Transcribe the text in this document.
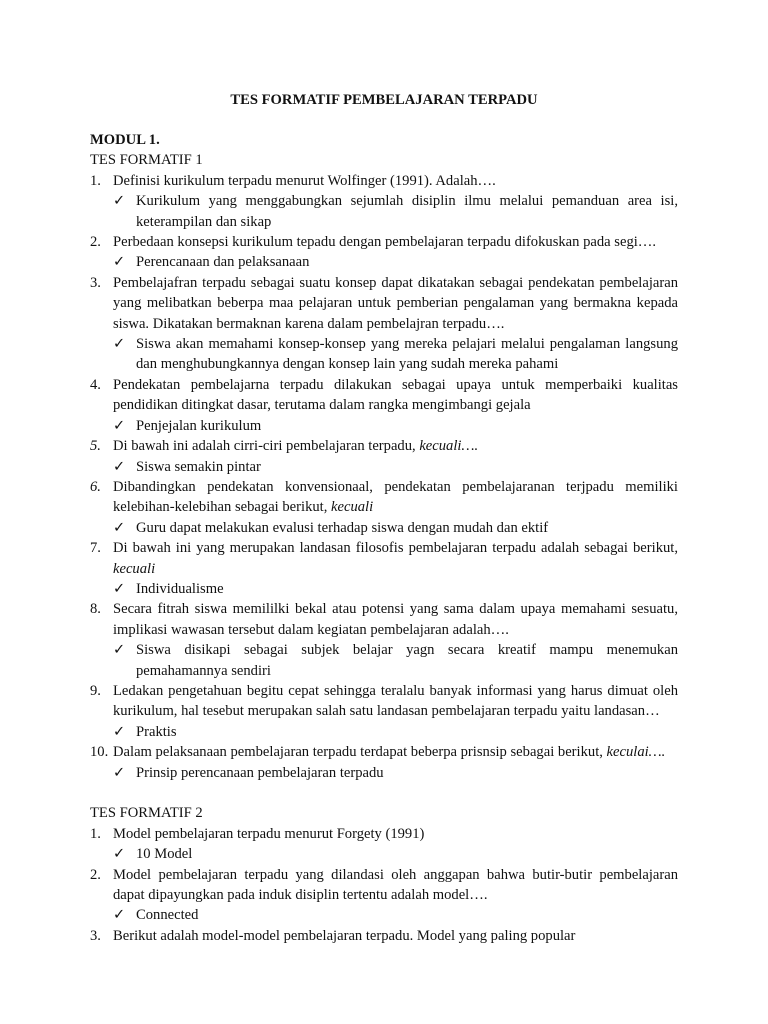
TES FORMATIF PEMBELAJARAN TERPADU
MODUL 1.
TES FORMATIF 1
1. Definisi kurikulum terpadu menurut Wolfinger (1991). Adalah….
✓ Kurikulum yang menggabungkan sejumlah disiplin ilmu melalui pemanduan area isi, keterampilan dan sikap
2. Perbedaan konsepsi kurikulum tepadu dengan pembelajaran terpadu difokuskan pada segi….
✓ Perencanaan dan pelaksanaan
3. Pembelajafran terpadu sebagai suatu konsep dapat dikatakan sebagai pendekatan pembelajaran yang melibatkan beberpa maa pelajaran untuk pemberian pengalaman yang bermakna kepada siswa. Dikatakan bermaknan karena dalam pembelajran terpadu….
✓ Siswa akan memahami konsep-konsep yang mereka pelajari melalui pengalaman langsung dan menghubungkannya dengan konsep lain yang sudah mereka pahami
4. Pendekatan pembelajarna terpadu dilakukan sebagai upaya untuk memperbaiki kualitas pendidikan ditingkat dasar, terutama dalam rangka mengimbangi gejala
✓ Penjejalan kurikulum
5. Di bawah ini adalah cirri-ciri pembelajaran terpadu, kecuali….
✓ Siswa semakin pintar
6. Dibandingkan pendekatan konvensionaal, pendekatan pembelajaranan terjpadu memiliki kelebihan-kelebihan sebagai berikut, kecuali
✓ Guru dapat melakukan evalusi terhadap siswa dengan mudah dan ektif
7. Di bawah ini yang merupakan landasan filosofis pembelajaran terpadu adalah sebagai berikut, kecuali
✓ Individualisme
8. Secara fitrah siswa memililki bekal atau potensi yang sama dalam upaya memahami sesuatu, implikasi wawasan tersebut dalam kegiatan pembelajaran adalah….
✓ Siswa disikapi sebagai subjek belajar yagn secara kreatif mampu menemukan pemahamannya sendiri
9. Ledakan pengetahuan begitu cepat sehingga teralalu banyak informasi yang harus dimuat oleh kurikulum, hal tesebut merupakan salah satu landasan pembelajaran terpadu yaitu landasan…
✓ Praktis
10. Dalam pelaksanaan pembelajaran terpadu terdapat beberpa prisnsip sebagai berikut, keculai….
✓ Prinsip perencanaan pembelajaran terpadu
TES FORMATIF 2
1. Model pembelajaran terpadu menurut Forgety (1991)
✓ 10 Model
2. Model pembelajaran terpadu yang dilandasi oleh anggapan bahwa butir-butir pembelajaran dapat dipayungkan pada induk disiplin tertentu adalah model….
✓ Connected
3. Berikut adalah model-model pembelajaran terpadu. Model yang paling popular
